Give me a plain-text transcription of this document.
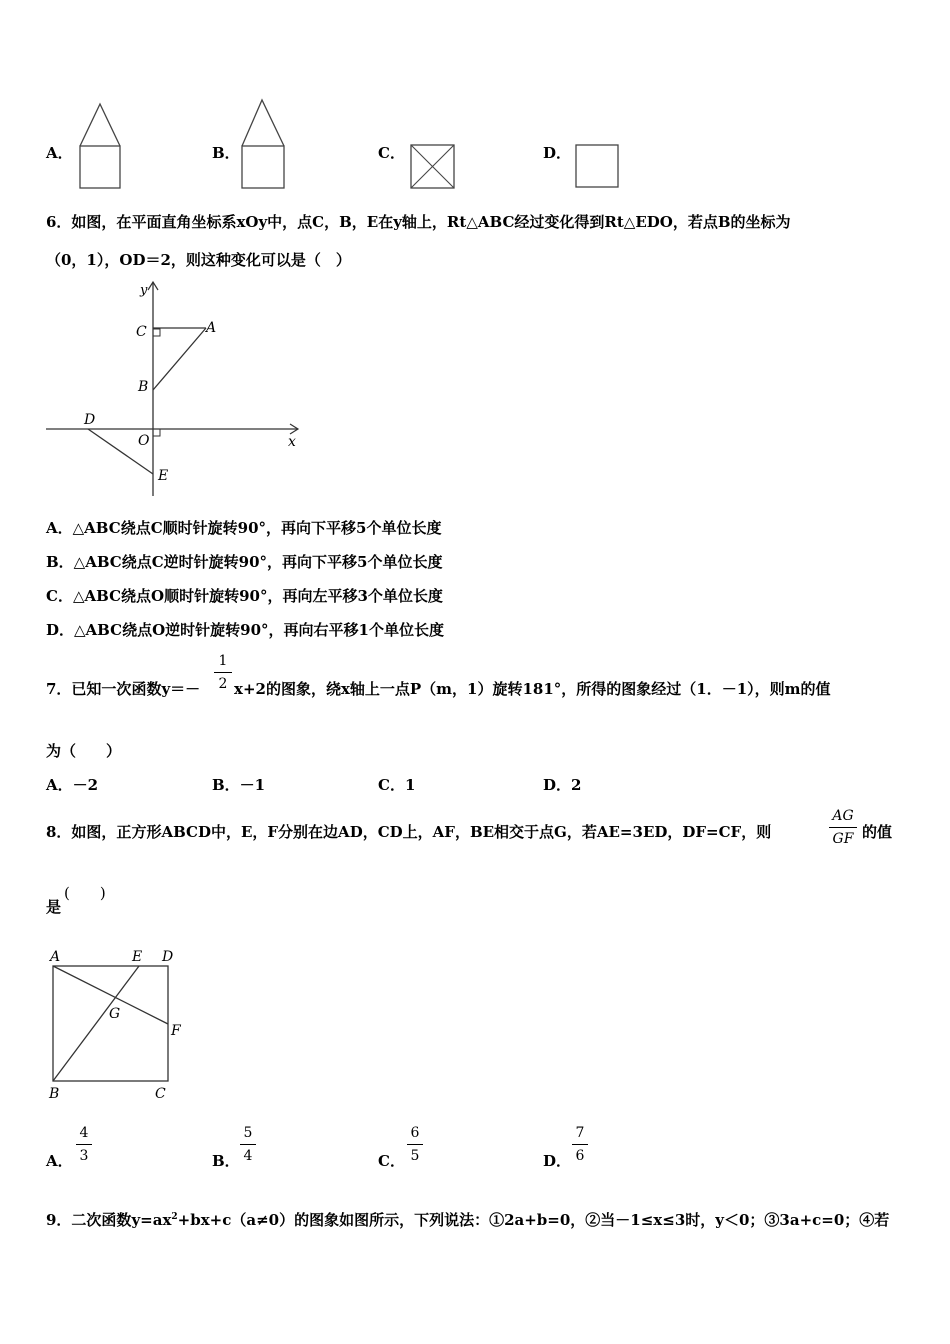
A．	B．	C．	D．
6．如图，在平面直角坐标系xOy中，点C，B，E在y轴上，Rt△ABC经过变化得到Rt△EDO，若点B的坐标为
（0，1），OD＝2，则这种变化可以是（　）
y
x
C	A
B
D
O
E
A．△ABC绕点C顺时针旋转90°，再向下平移5个单位长度
B．△ABC绕点C逆时针旋转90°，再向下平移5个单位长度
C．△ABC绕点O顺时针旋转90°，再向左平移3个单位长度
D．△ABC绕点O逆时针旋转90°，再向右平移1个单位长度
7．已知一次函数y＝－
1
2 x+2的图象，绕x轴上一点P（m，1）旋转181°，所得的图象经过（1．－1），则m的值
为（　　）
A．－2	B．－1	C．1	D．2
8．如图，正方形ABCD中，E，F分别在边AD，CD上，AF，BE相交于点G，若AE=3ED，DF=CF，则
AG
GF 的值
是
(　　)
A	E D
G
F
B	C
A．
4
3	B．
5
4	C．
6
5	D．
7
6
9．二次函数$y=ax^2+bx+c(a\ne 0)$的图象如图所示，下列说法：①2a+b=0，②当－1≤x≤3时，y＜0；③3a+c=0；④若
